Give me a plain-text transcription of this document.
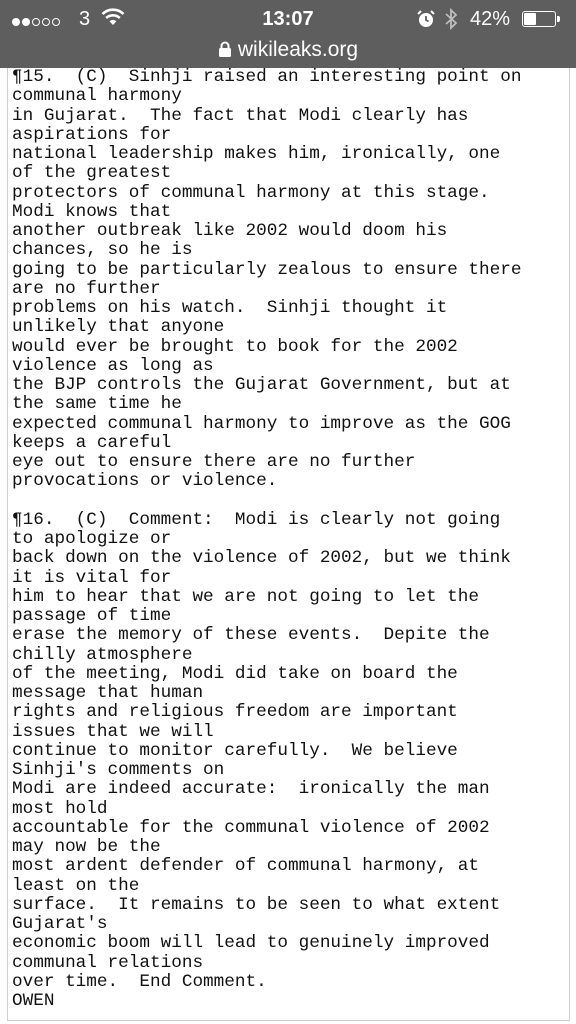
3	13:07	42%
wikileaks.org
¶15.  (C)  Sinhji raised an interesting point on
communal harmony
in Gujarat.  The fact that Modi clearly has
aspirations for
national leadership makes him, ironically, one
of the greatest
protectors of communal harmony at this stage.
Modi knows that
another outbreak like 2002 would doom his
chances, so he is
going to be particularly zealous to ensure there
are no further
problems on his watch.  Sinhji thought it
unlikely that anyone
would ever be brought to book for the 2002
violence as long as
the BJP controls the Gujarat Government, but at
the same time he
expected communal harmony to improve as the GOG
keeps a careful
eye out to ensure there are no further
provocations or violence.
¶16.  (C)  Comment:  Modi is clearly not going
to apologize or
back down on the violence of 2002, but we think
it is vital for
him to hear that we are not going to let the
passage of time
erase the memory of these events.  Depite the
chilly atmosphere
of the meeting, Modi did take on board the
message that human
rights and religious freedom are important
issues that we will
continue to monitor carefully.  We believe
Sinhji's comments on
Modi are indeed accurate:  ironically the man
most hold
accountable for the communal violence of 2002
may now be the
most ardent defender of communal harmony, at
least on the
surface.  It remains to be seen to what extent
Gujarat's
economic boom will lead to genuinely improved
communal relations
over time.  End Comment.
OWEN
